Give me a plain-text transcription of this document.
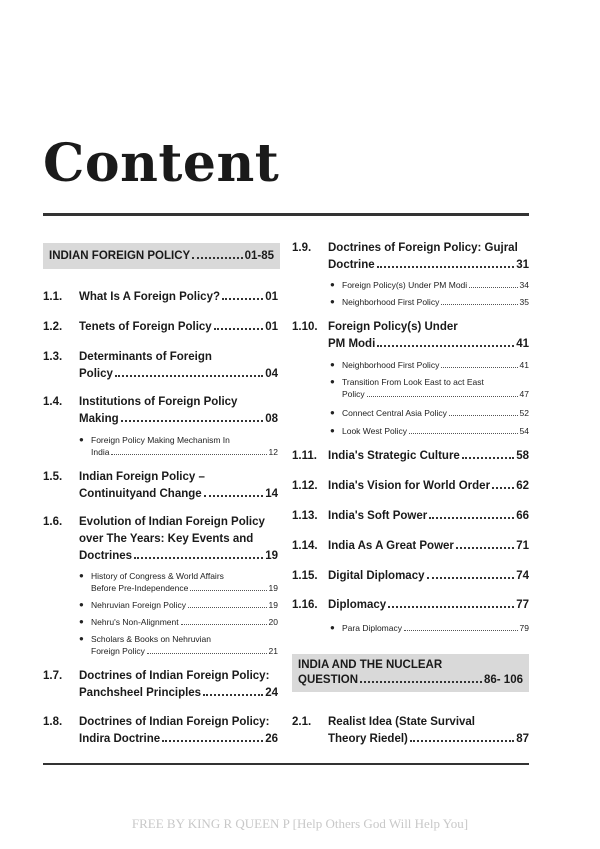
Content
INDIAN FOREIGN POLICY	01-85
1.1.	What Is A Foreign Policy?	01
1.2.	Tenets of Foreign Policy	01
1.3.	Determinants of Foreign
Policy	04
1.4.	Institutions of Foreign Policy
Making	08
● Foreign Policy Making Mechanism In
India	12
1.5.	Indian Foreign Policy –
Continuityand Change	14
1.6.	Evolution of Indian Foreign Policy
over The Years: Key Events and
Doctrines	19
● History of Congress & World Affairs
Before Pre-Independence	19
● Nehruvian Foreign Policy	19
● Nehru's Non-Alignment	20
● Scholars & Books on Nehruvian
Foreign Policy	21
1.7.	Doctrines of Indian Foreign Policy:
Panchsheel Principles	24
1.8.	Doctrines of Indian Foreign Policy:
Indira Doctrine	26
1.9.	Doctrines of Foreign Policy: Gujral
Doctrine	31
● Foreign Policy(s) Under PM Modi	34
● Neighborhood First Policy	35
1.10. Foreign Policy(s) Under
PM Modi	41
● Neighborhood First Policy	41
● Transition From Look East to act East
Policy	47
● Connect Central Asia Policy	52
● Look West Policy	54
1.11. India's Strategic Culture	58
1.12. India's Vision for World Order 62
1.13. India's Soft Power	66
1.14. India As A Great Power	71
1.15. Digital Diplomacy	74
1.16. Diplomacy	77
● Para Diplomacy	79
INDIA AND THE NUCLEAR
QUESTION	86- 106
2.1.	Realist Idea (State Survival
Theory Riedel)	87
FREE BY KING R QUEEN P [Help Others God Will Help You]
